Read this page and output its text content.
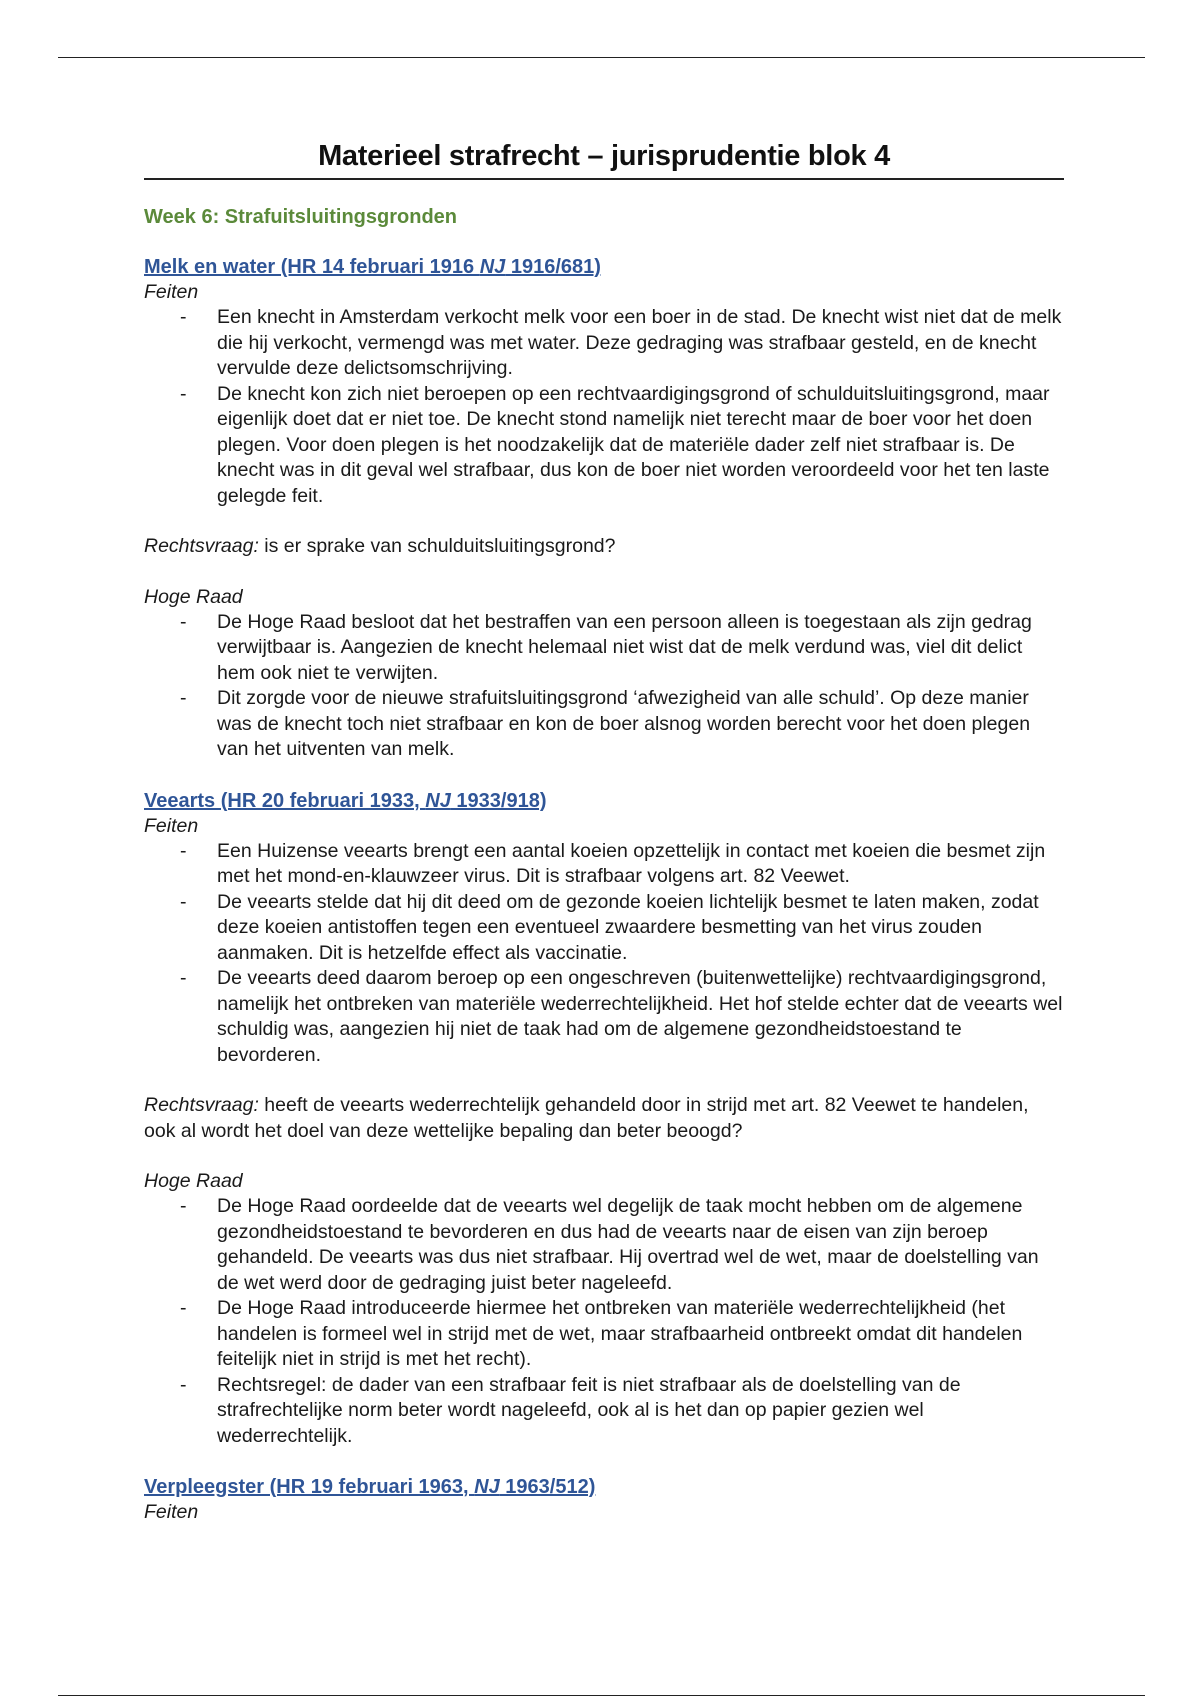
Materieel strafrecht – jurisprudentie blok 4

Week 6: Strafuitsluitingsgronden

Melk en water (HR 14 februari 1916 NJ 1916/681)

Feiten

- Een knecht in Amsterdam verkocht melk voor een boer in de stad. De knecht wist niet dat de melk die hij verkocht, vermengd was met water. Deze gedraging was strafbaar gesteld, en de knecht vervulde deze delictsomschrijving.
- De knecht kon zich niet beroepen op een rechtvaardigingsgrond of schulduitsluitingsgrond, maar eigenlijk doet dat er niet toe. De knecht stond namelijk niet terecht maar de boer voor het doen plegen. Voor doen plegen is het noodzakelijk dat de materiële dader zelf niet strafbaar is. De knecht was in dit geval wel strafbaar, dus kon de boer niet worden veroordeeld voor het ten laste gelegde feit.

Rechtsvraag: is er sprake van schulduitsluitingsgrond?

Hoge Raad

- De Hoge Raad besloot dat het bestraffen van een persoon alleen is toegestaan als zijn gedrag verwijtbaar is. Aangezien de knecht helemaal niet wist dat de melk verdund was, viel dit delict hem ook niet te verwijten.
- Dit zorgde voor de nieuwe strafuitsluitingsgrond ‘afwezigheid van alle schuld’. Op deze manier was de knecht toch niet strafbaar en kon de boer alsnog worden berecht voor het doen plegen van het uitventen van melk.

Veearts (HR 20 februari 1933, NJ 1933/918)

Feiten

- Een Huizense veearts brengt een aantal koeien opzettelijk in contact met koeien die besmet zijn met het mond-en-klauwzeer virus. Dit is strafbaar volgens art. 82 Veewet.
- De veearts stelde dat hij dit deed om de gezonde koeien lichtelijk besmet te laten maken, zodat deze koeien antistoffen tegen een eventueel zwaardere besmetting van het virus zouden aanmaken. Dit is hetzelfde effect als vaccinatie.
- De veearts deed daarom beroep op een ongeschreven (buitenwettelijke) rechtvaardigingsgrond, namelijk het ontbreken van materiële wederrechtelijkheid. Het hof stelde echter dat de veearts wel schuldig was, aangezien hij niet de taak had om de algemene gezondheidstoestand te bevorderen.

Rechtsvraag: heeft de veearts wederrechtelijk gehandeld door in strijd met art. 82 Veewet te handelen, ook al wordt het doel van deze wettelijke bepaling dan beter beoogd?

Hoge Raad

- De Hoge Raad oordeelde dat de veearts wel degelijk de taak mocht hebben om de algemene gezondheidstoestand te bevorderen en dus had de veearts naar de eisen van zijn beroep gehandeld. De veearts was dus niet strafbaar. Hij overtrad wel de wet, maar de doelstelling van de wet werd door de gedraging juist beter nageleefd.
- De Hoge Raad introduceerde hiermee het ontbreken van materiële wederrechtelijkheid (het handelen is formeel wel in strijd met de wet, maar strafbaarheid ontbreekt omdat dit handelen feitelijk niet in strijd is met het recht).
- Rechtsregel: de dader van een strafbaar feit is niet strafbaar als de doelstelling van de strafrechtelijke norm beter wordt nageleefd, ook al is het dan op papier gezien wel wederrechtelijk.

Verpleegster (HR 19 februari 1963, NJ 1963/512)

Feiten
